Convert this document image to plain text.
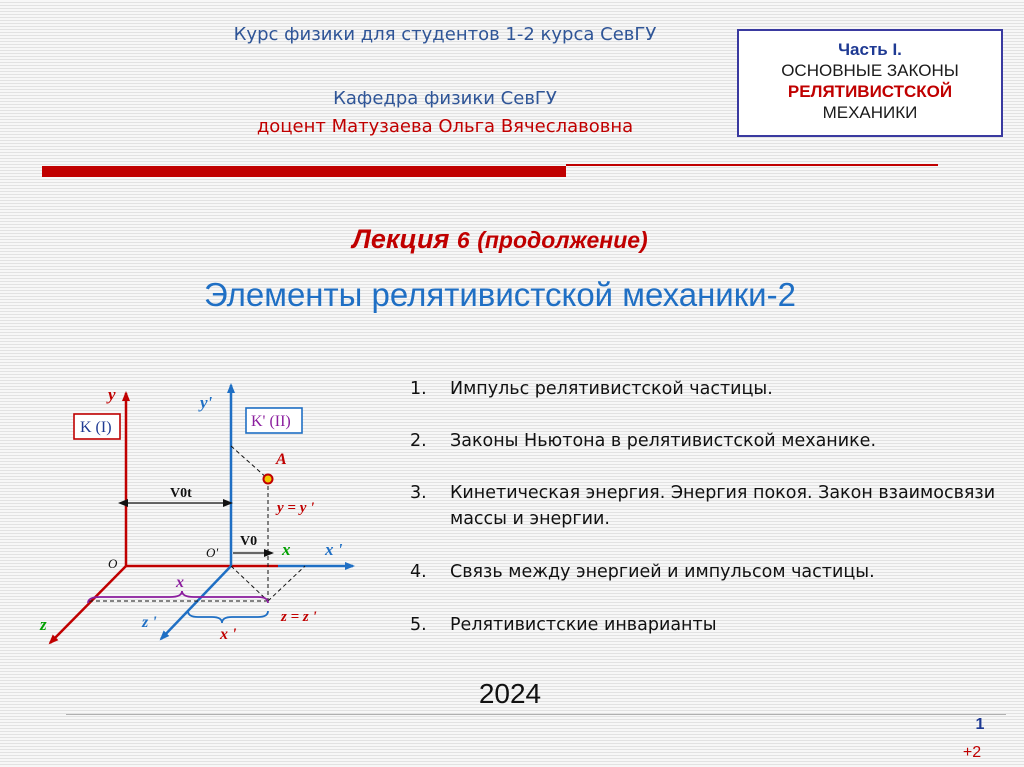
Курс физики для студентов 1-2 курса СевГУ
Кафедра физики СевГУ
доцент Матузаева Ольга Вячеславовна
Часть I.
ОСНОВНЫЕ ЗАКОНЫ
РЕЛЯТИВИСТСКОЙ
МЕХАНИКИ
Лекция 6 (продолжение)
Элементы релятивистской механики-2
y	y'
K (I)	K' (II)
A
V0t
y = y '
V0
O'	x x '
O
x
z '	z = z '
z
x '
1. Импульс релятивистской частицы.
2. Законы Ньютона в релятивистской механике.
3. Кинетическая энергия. Энергия покоя. Закон взаимосвязи массы и энергии.
4. Связь между энергией и импульсом частицы.
5. Релятивистские инварианты
2024
1
+2
